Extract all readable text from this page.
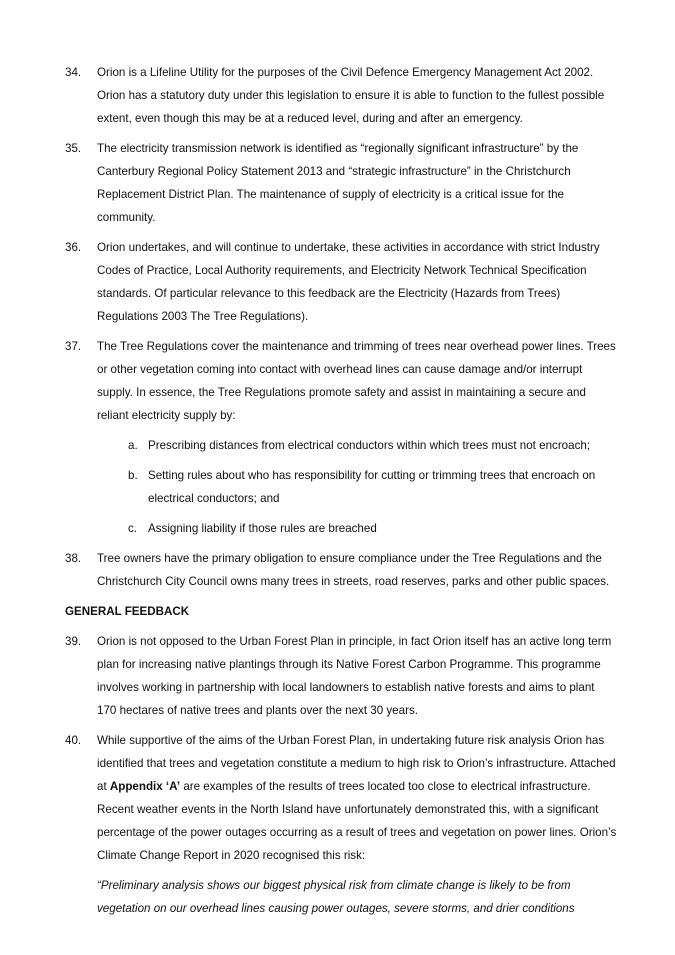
34.	Orion is a Lifeline Utility for the purposes of the Civil Defence Emergency Management Act 2002. Orion has a statutory duty under this legislation to ensure it is able to function to the fullest possible extent, even though this may be at a reduced level, during and after an emergency.
35.	The electricity transmission network is identified as “regionally significant infrastructure” by the Canterbury Regional Policy Statement 2013 and “strategic infrastructure” in the Christchurch Replacement District Plan. The maintenance of supply of electricity is a critical issue for the community.
36.	Orion undertakes, and will continue to undertake, these activities in accordance with strict Industry Codes of Practice, Local Authority requirements, and Electricity Network Technical Specification standards. Of particular relevance to this feedback are the Electricity (Hazards from Trees) Regulations 2003 The Tree Regulations).
37.	The Tree Regulations cover the maintenance and trimming of trees near overhead power lines. Trees or other vegetation coming into contact with overhead lines can cause damage and/or interrupt supply. In essence, the Tree Regulations promote safety and assist in maintaining a secure and reliant electricity supply by:
a. Prescribing distances from electrical conductors within which trees must not encroach;
b. Setting rules about who has responsibility for cutting or trimming trees that encroach on electrical conductors; and
c. Assigning liability if those rules are breached
38.	Tree owners have the primary obligation to ensure compliance under the Tree Regulations and the Christchurch City Council owns many trees in streets, road reserves, parks and other public spaces.
GENERAL FEEDBACK
39.	Orion is not opposed to the Urban Forest Plan in principle, in fact Orion itself has an active long term plan for increasing native plantings through its Native Forest Carbon Programme. This programme involves working in partnership with local landowners to establish native forests and aims to plant 170 hectares of native trees and plants over the next 30 years.
40.	While supportive of the aims of the Urban Forest Plan, in undertaking future risk analysis Orion has identified that trees and vegetation constitute a medium to high risk to Orion’s infrastructure. Attached at Appendix ‘A’ are examples of the results of trees located too close to electrical infrastructure. Recent weather events in the North Island have unfortunately demonstrated this, with a significant percentage of the power outages occurring as a result of trees and vegetation on power lines. Orion’s Climate Change Report in 2020 recognised this risk:
“Preliminary analysis shows our biggest physical risk from climate change is likely to be from vegetation on our overhead lines causing power outages, severe storms, and drier conditions
